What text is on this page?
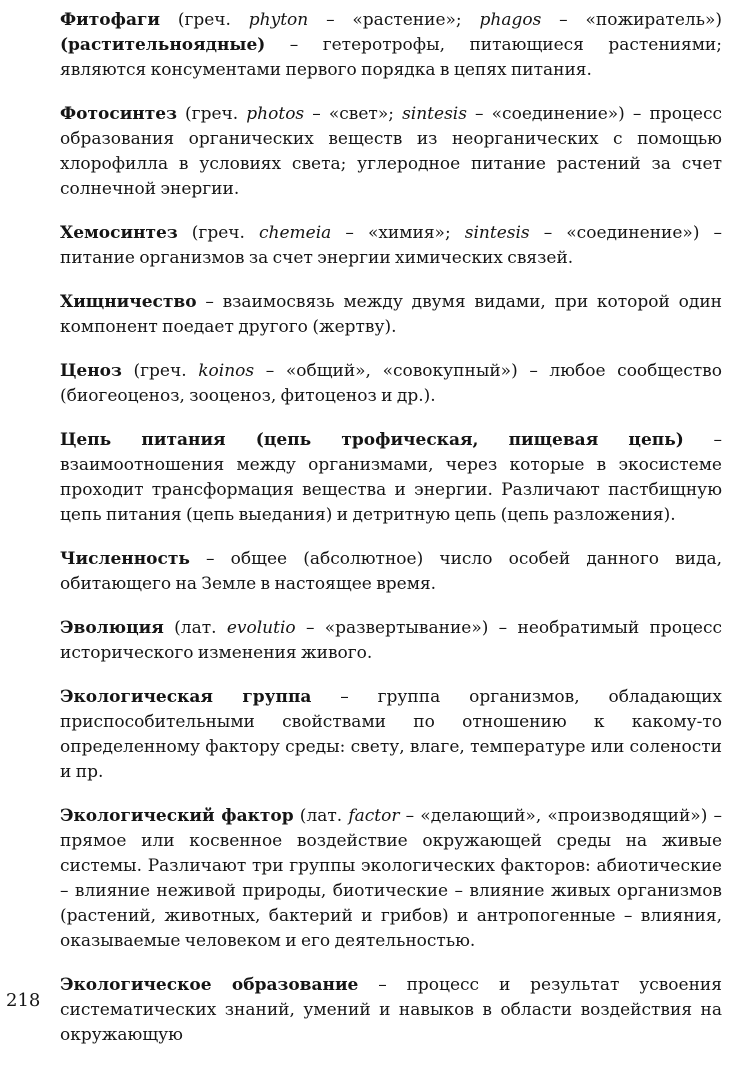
Фитофаги (греч. phyton – «растение»; phagos – «пожиратель») (растительноядные) – гетеротрофы, питающиеся растениями; являются консументами первого порядка в цепях питания.

Фотосинтез (греч. photos – «свет»; sintesis – «соединение») – процесс образования органических веществ из неорганических с помощью хлорофилла в условиях света; углеродное питание растений за счет солнечной энергии.

Хемосинтез (греч. chemeia – «химия»; sintesis – «соединение») – питание организмов за счет энергии химических связей.

Хищничество – взаимосвязь между двумя видами, при которой один компонент поедает другого (жертву).

Ценоз (греч. koinos – «общий», «совокупный») – любое сообщество (биогеоценоз, зооценоз, фитоценоз и др.).

Цепь питания (цепь трофическая, пищевая цепь) – взаимоотношения между организмами, через которые в экосистеме проходит трансформация вещества и энергии. Различают пастбищную цепь питания (цепь выедания) и детритную цепь (цепь разложения).

Численность – общее (абсолютное) число особей данного вида, обитающего на Земле в настоящее время.

Эволюция (лат. evolutio – «развертывание») – необратимый процесс исторического изменения живого.

Экологическая группа – группа организмов, обладающих приспособительными свойствами по отношению к какому-то определенному фактору среды: свету, влаге, температуре или солености и пр.

Экологический фактор (лат. factor – «делающий», «производящий») – прямое или косвенное воздействие окружающей среды на живые системы. Различают три группы экологических факторов: абиотические – влияние неживой природы, биотические – влияние живых организмов (растений, животных, бактерий и грибов) и антропогенные – влияния, оказываемые человеком и его деятельностью.

Экологическое образование – процесс и результат усвоения систематических знаний, умений и навыков в области воздействия на окружающую

218
